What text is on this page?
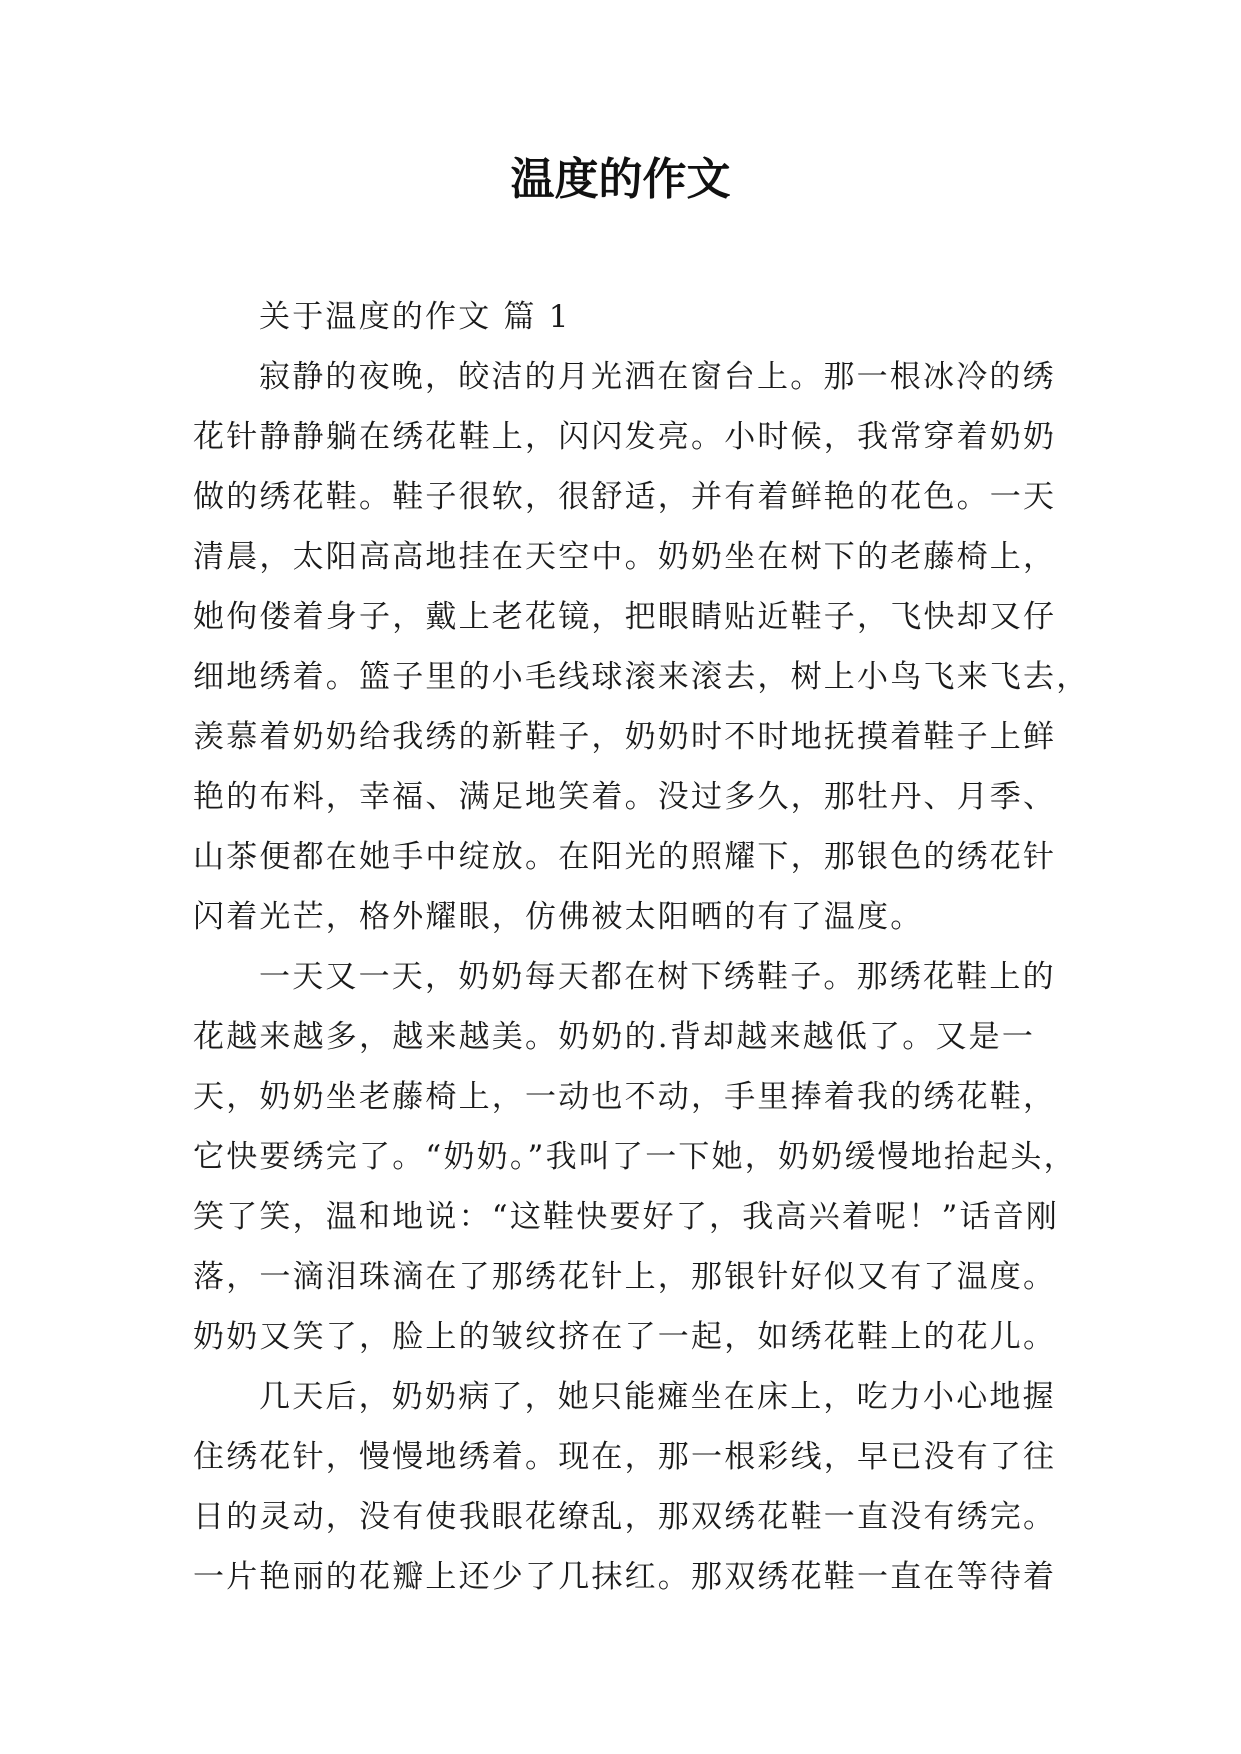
温度的作文
关于温度的作文 篇 1
寂静的夜晚，皎洁的月光洒在窗台上。那一根冰冷的绣
花针静静躺在绣花鞋上，闪闪发亮。小时候，我常穿着奶奶
做的绣花鞋。鞋子很软，很舒适，并有着鲜艳的花色。一天
清晨，太阳高高地挂在天空中。奶奶坐在树下的老藤椅上，
她佝偻着身子，戴上老花镜，把眼睛贴近鞋子，飞快却又仔
细地绣着。篮子里的小毛线球滚来滚去，树上小鸟飞来飞去，
羡慕着奶奶给我绣的新鞋子，奶奶时不时地抚摸着鞋子上鲜
艳的布料，幸福、满足地笑着。没过多久，那牡丹、月季、
山茶便都在她手中绽放。在阳光的照耀下，那银色的绣花针
闪着光芒，格外耀眼，仿佛被太阳晒的有了温度。
一天又一天，奶奶每天都在树下绣鞋子。那绣花鞋上的
花越来越多，越来越美。奶奶的.背却越来越低了。又是一
天，奶奶坐老藤椅上，一动也不动，手里捧着我的绣花鞋，
它快要绣完了。“奶奶。”我叫了一下她，奶奶缓慢地抬起头，
笑了笑，温和地说：“这鞋快要好了，我高兴着呢！”话音刚
落，一滴泪珠滴在了那绣花针上，那银针好似又有了温度。
奶奶又笑了，脸上的皱纹挤在了一起，如绣花鞋上的花儿。
几天后，奶奶病了，她只能瘫坐在床上，吃力小心地握
住绣花针，慢慢地绣着。现在，那一根彩线，早已没有了往
日的灵动，没有使我眼花缭乱，那双绣花鞋一直没有绣完。
一片艳丽的花瓣上还少了几抹红。那双绣花鞋一直在等待着
